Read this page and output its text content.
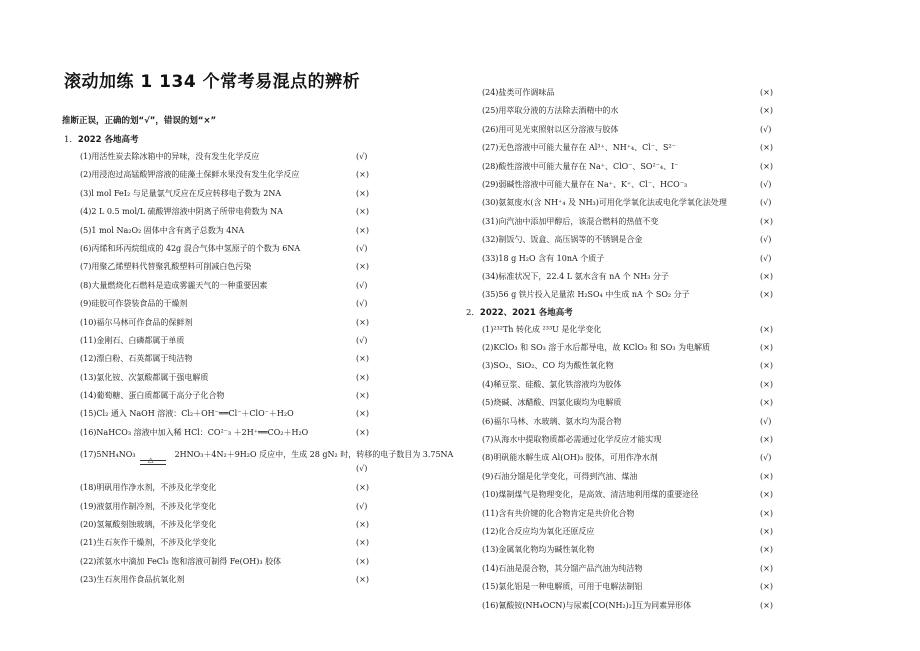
滚动加练 1 134 个常考易混点的辨析
推断正误，正确的划“√”，错误的划“×”
1．2022 各地高考
(1)用活性炭去除冰箱中的异味，没有发生化学反应	(√)
(2)用浸泡过高锰酸钾溶液的硅藻土保鲜水果没有发生化学反应	(×)
(3)l mol FeI₂ 与足量氯气反应在反应转移电子数为 2NA	(×)
(4)2 L 0.5 mol/L 硫酸钾溶液中阴离子所带电荷数为 NA	(×)
(5)1 mol Na₂O₂ 固体中含有离子总数为 4NA	(×)
(6)丙烯和环丙烷组成的 42g 混合气体中氢原子的个数为 6NA	(√)
(7)用聚乙烯塑料代替聚乳酸塑料可削减白色污染	(×)
(8)大量燃烧化石燃料是造成雾霾天气的一种重要因素	(√)
(9)硅胶可作袋装食品的干燥剂	(√)
(10)福尔马林可作食品的保鲜剂	(×)
(11)金刚石、白磷都属于单质	(√)
(12)漂白粉、石英都属于纯洁物	(×)
(13)氯化铵、次氯酸都属于强电解质	(×)
(14)葡萄糖、蛋白质都属于高分子化合物	(×)
(15)Cl₂ 通入 NaOH 溶液：Cl₂＋OH⁻══Cl⁻＋ClO⁻＋H₂O	(×)
(16)NaHCO₃ 溶液中加入稀 HCl：CO²⁻₃ ＋2H⁺══CO₂＋H₂O	(×)
(17)5NH₄NO₃
△
2HNO₃＋4N₂＋9H₂O 反应中，生成 28 gN₂ 时，转移的电子数目为 3.75NA
(√)
(18)明矾用作净水剂，不涉及化学变化	(×)
(19)液氨用作制冷剂，不涉及化学变化	(√)
(20)氢氟酸刻蚀玻璃，不涉及化学变化	(×)
(21)生石灰作干燥剂，不涉及化学变化	(×)
(22)浓氨水中滴加 FeCl₃ 饱和溶液可制得 Fe(OH)₃ 胶体	(×)
(23)生石灰用作食品抗氧化剂	(×)
(24)盐类可作调味品	(×)
(25)用萃取分液的方法除去酒精中的水	(×)
(26)用可见光束照射以区分溶液与胶体	(√)
(27)无色溶液中可能大量存在 Al³⁺、NH⁺₄、Cl⁻、S²⁻	(×)
(28)酸性溶液中可能大量存在 Na⁺、ClO⁻、SO²⁻₄、I⁻	(×)
(29)弱碱性溶液中可能大量存在 Na⁺、K⁺、Cl⁻、HCO⁻₃	(√)
(30)氨氮废水(含 NH⁺₄ 及 NH₃)可用化学氧化法或电化学氧化法处理	(√)
(31)向汽油中添加甲醇后，该混合燃料的热值不变	(×)
(32)制饭勺、饭盒、高压锅等的不锈钢是合金	(√)
(33)18 g H₂O 含有 10nA 个质子	(√)
(34)标准状况下，22.4 L 氨水含有 nA 个 NH₃ 分子	(×)
(35)56 g 铁片投入足量浓 H₂SO₄ 中生成 nA 个 SO₂ 分子	(×)
2．2022、2021 各地高考
(1)²³²Th 转化成 ²³³U 是化学变化	(×)
(2)KClO₃ 和 SO₃ 溶于水后都导电，故 KClO₃ 和 SO₃ 为电解质	(×)
(3)SO₂、SiO₂、CO 均为酸性氧化物	(×)
(4)稀豆浆、硅酸、氯化铁溶液均为胶体	(×)
(5)烧碱、冰醋酸、四氯化碳均为电解质	(×)
(6)福尔马林、水玻璃、氨水均为混合物	(√)
(7)从海水中提取物质都必需通过化学反应才能实现	(×)
(8)明矾能水解生成 Al(OH)₃ 胶体，可用作净水剂	(√)
(9)石油分馏是化学变化，可得到汽油、煤油	(×)
(10)煤制煤气是物理变化，是高效、清洁地利用煤的重要途径	(×)
(11)含有共价键的化合物肯定是共价化合物	(×)
(12)化合反应均为氧化还原反应	(×)
(13)金属氧化物均为碱性氧化物	(×)
(14)石油是混合物，其分馏产品汽油为纯洁物	(×)
(15)氯化铝是一种电解质，可用于电解法制铝	(×)
(16)氰酸铵(NH₄OCN)与尿素[CO(NH₂)₂]互为同素异形体	(×)
